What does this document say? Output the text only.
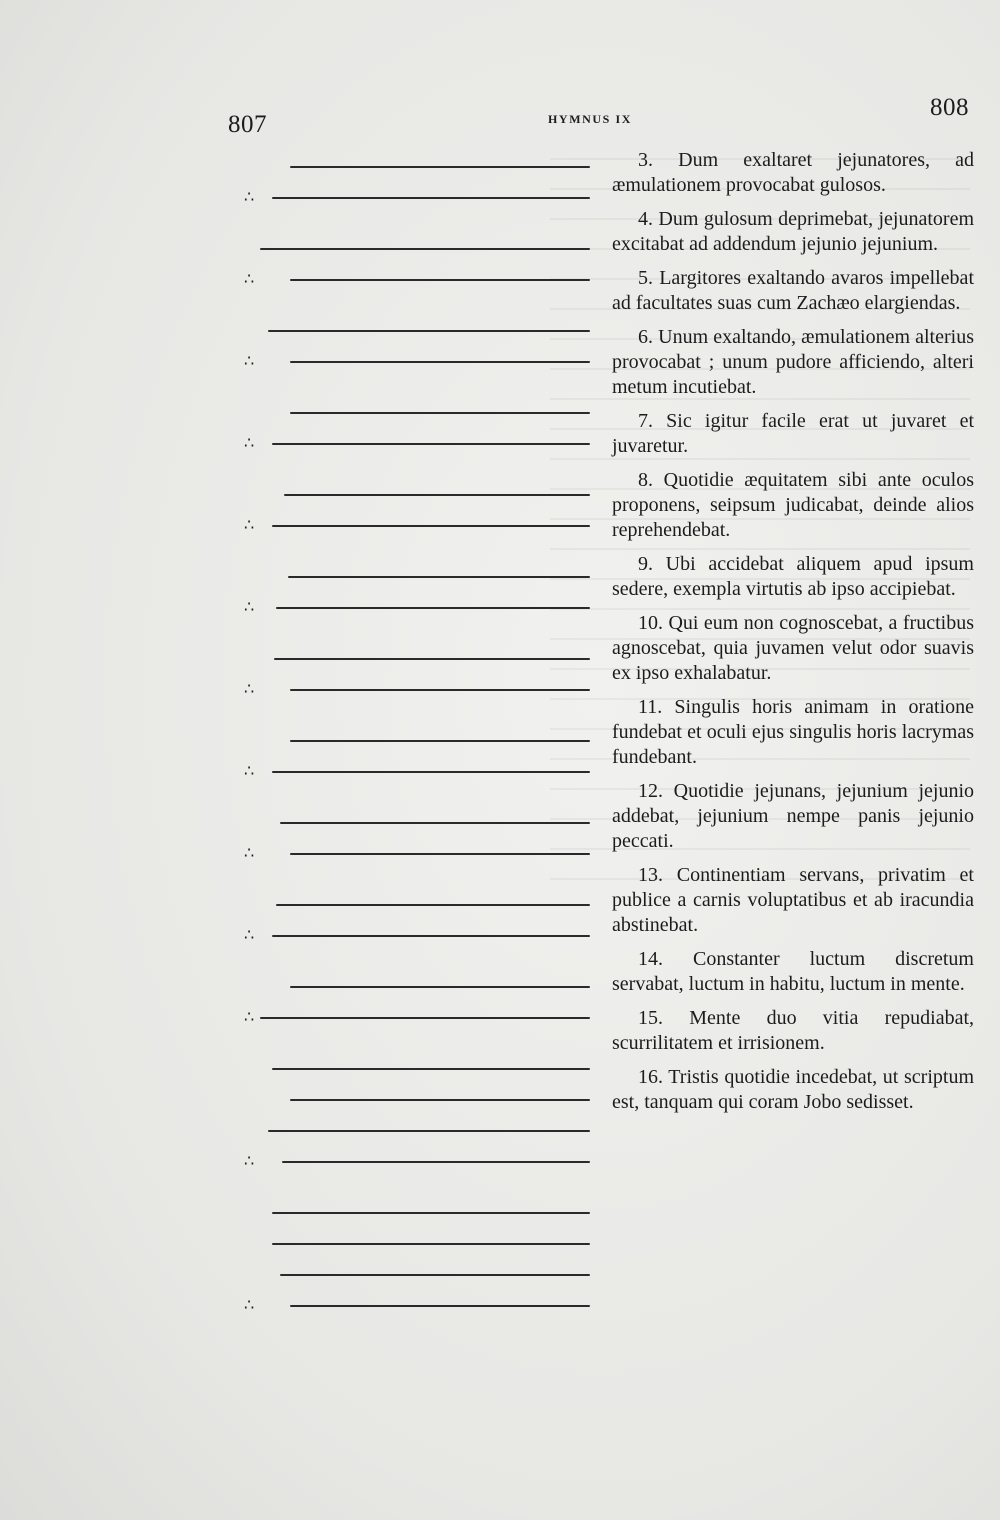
807	HYMNUS IX	808
∴
∴
∴
∴
∴
∴
∴
∴
∴
∴
∴
∴
∴

3. Dum exaltaret jejunatores, ad æmulationem provocabat gulosos.

4. Dum gulosum deprimebat, jejunatorem excitabat ad addendum jejunio jejunium.

5. Largitores exaltando avaros impellebat ad facultates suas cum Zachæo elargiendas.

6. Unum exaltando, æmulationem alterius provocabat ; unum pudore afficiendo, alteri metum incutiebat.

7. Sic igitur facile erat ut juvaret et juvaretur.

8. Quotidie æquitatem sibi ante oculos proponens, seipsum judicabat, deinde alios reprehendebat.

9. Ubi accidebat aliquem apud ipsum sedere, exempla virtutis ab ipso accipiebat.

10. Qui eum non cognoscebat, a fructibus agnoscebat, quia juvamen velut odor suavis ex ipso exhalabatur.

11. Singulis horis animam in oratione fundebat et oculi ejus singulis horis lacrymas fundebant.

12. Quotidie jejunans, jejunium jejunio addebat, jejunium nempe panis jejunio peccati.

13. Continentiam servans, privatim et publice a carnis voluptatibus et ab iracundia abstinebat.

14. Constanter luctum discretum servabat, luctum in habitu, luctum in mente.

15. Mente duo vitia repudiabat, scurrilitatem et irrisionem.

16. Tristis quotidie incedebat, ut scriptum est, tanquam qui coram Jobo sedisset.
